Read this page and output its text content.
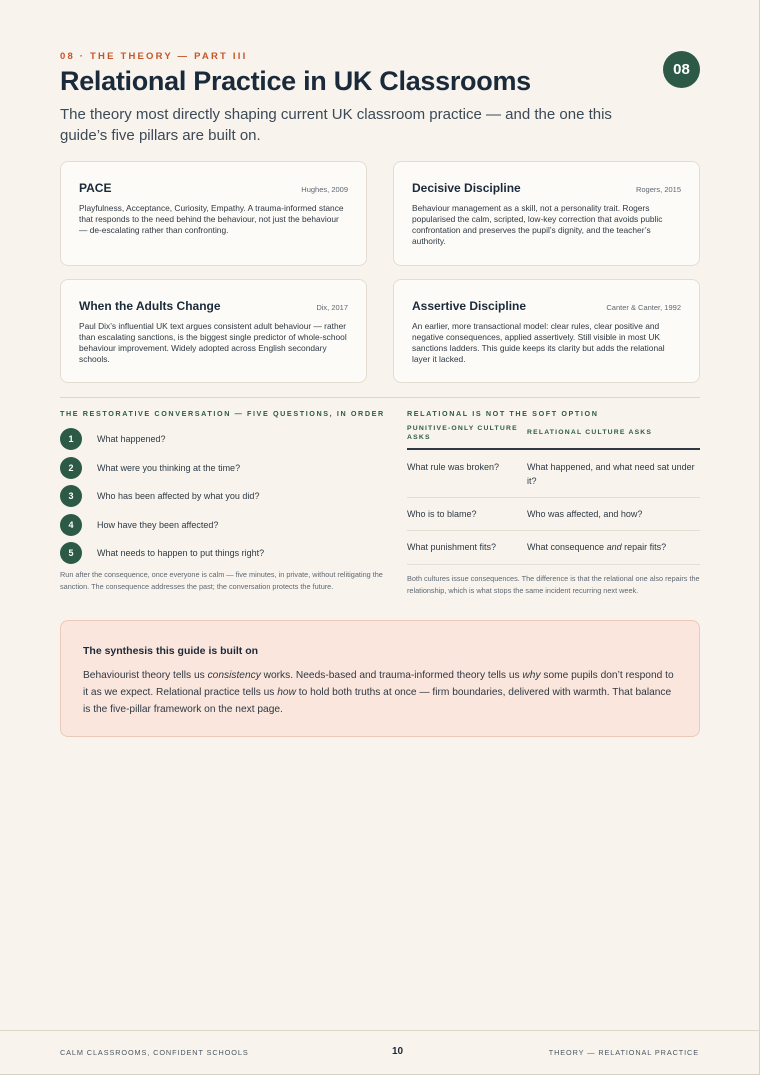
08 · THE THEORY — PART III
Relational Practice in UK Classrooms

The theory most directly shaping current UK classroom practice — and the one this guide’s five pillars are built on.

08
PACE	Hughes, 2009
Playfulness, Acceptance, Curiosity, Empathy. A trauma-informed stance that responds to the need behind the behaviour, not just the behaviour — de-escalating rather than confronting.
Decisive Discipline	Rogers, 2015
Behaviour management as a skill, not a personality trait. Rogers popularised the calm, scripted, low-key correction that avoids public confrontation and preserves the pupil’s dignity, and the teacher’s authority.
When the Adults Change	Dix, 2017
Paul Dix’s influential UK text argues consistent adult behaviour — rather than escalating sanctions, is the biggest single predictor of whole-school behaviour improvement. Widely adopted across English secondary schools.
Assertive Discipline	Canter & Canter, 1992
An earlier, more transactional model: clear rules, clear positive and negative consequences, applied assertively. Still visible in most UK sanctions ladders. This guide keeps its clarity but adds the relational layer it lacked.
THE RESTORATIVE CONVERSATION — FIVE QUESTIONS, IN ORDER
1	What happened?
2	What were you thinking at the time?
3	Who has been affected by what you did?
4	How have they been affected?
5	What needs to happen to put things right?

Run after the consequence, once everyone is calm — five minutes, in private, without relitigating the sanction. The consequence addresses the past; the conversation protects the future.

RELATIONAL IS NOT THE SOFT OPTION
PUNITIVE-ONLY CULTURE ASKS
RELATIONAL CULTURE ASKS
What rule was broken?	What happened, and what need sat under it?
Who is to blame?	Who was affected, and how?
What punishment fits?	What consequence and repair fits?

Both cultures issue consequences. The difference is that the relational one also repairs the relationship, which is what stops the same incident recurring next week.

The synthesis this guide is built on

Behaviourist theory tells us consistency works. Needs-based and trauma-informed theory tells us why some pupils don’t respond to it as we expect. Relational practice tells us how to hold both truths at once — firm boundaries, delivered with warmth. That balance is the five-pillar framework on the next page.

CALM CLASSROOMS, CONFIDENT SCHOOLS	10	THEORY — RELATIONAL PRACTICE
